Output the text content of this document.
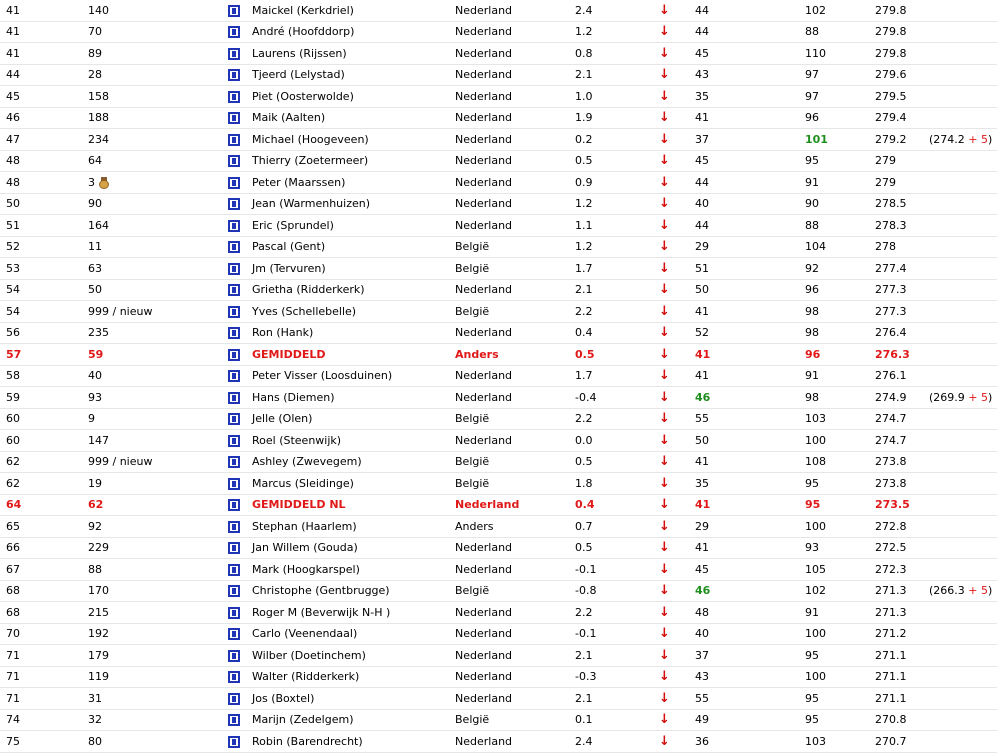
41	140		Maickel (Kerkdriel)	Nederland	2.4	↓	44	102	279.8	
41	70		André (Hoofddorp)	Nederland	1.2	↓	44	88	279.8	
41	89		Laurens (Rijssen)	Nederland	0.8	↓	45	110	279.8	
44	28		Tjeerd (Lelystad)	Nederland	2.1	↓	43	97	279.6	
45	158		Piet (Oosterwolde)	Nederland	1.0	↓	35	97	279.5	
46	188		Maik (Aalten)	Nederland	1.9	↓	41	96	279.4	
47	234		Michael (Hoogeveen)	Nederland	0.2	↓	37	101	279.2	(274.2 + 5)
48	64		Thierry (Zoetermeer)	Nederland	0.5	↓	45	95	279	
48	3		Peter (Maarssen)	Nederland	0.9	↓	44	91	279	
50	90		Jean (Warmenhuizen)	Nederland	1.2	↓	40	90	278.5	
51	164		Eric (Sprundel)	Nederland	1.1	↓	44	88	278.3	
52	11		Pascal (Gent)	België	1.2	↓	29	104	278	
53	63		Jm (Tervuren)	België	1.7	↓	51	92	277.4	
54	50		Grietha (Ridderkerk)	Nederland	2.1	↓	50	96	277.3	
54	999 / nieuw		Yves (Schellebelle)	België	2.2	↓	41	98	277.3	
56	235		Ron (Hank)	Nederland	0.4	↓	52	98	276.4	
57	59		GEMIDDELD	Anders	0.5	↓	41	96	276.3	
58	40		Peter Visser (Loosduinen)	Nederland	1.7	↓	41	91	276.1	
59	93		Hans (Diemen)	Nederland	-0.4	↓	46	98	274.9	(269.9 + 5)
60	9		Jelle (Olen)	België	2.2	↓	55	103	274.7	
60	147		Roel (Steenwijk)	Nederland	0.0	↓	50	100	274.7	
62	999 / nieuw		Ashley (Zwevegem)	België	0.5	↓	41	108	273.8	
62	19		Marcus (Sleidinge)	België	1.8	↓	35	95	273.8	
64	62		GEMIDDELD NL	Nederland	0.4	↓	41	95	273.5	
65	92		Stephan (Haarlem)	Anders	0.7	↓	29	100	272.8	
66	229		Jan Willem (Gouda)	Nederland	0.5	↓	41	93	272.5	
67	88		Mark (Hoogkarspel)	Nederland	-0.1	↓	45	105	272.3	
68	170		Christophe (Gentbrugge)	België	-0.8	↓	46	102	271.3	(266.3 + 5)
68	215		Roger M (Beverwijk N-H )	Nederland	2.2	↓	48	91	271.3	
70	192		Carlo (Veenendaal)	Nederland	-0.1	↓	40	100	271.2	
71	179		Wilber (Doetinchem)	Nederland	2.1	↓	37	95	271.1	
71	119		Walter (Ridderkerk)	Nederland	-0.3	↓	43	100	271.1	
71	31		Jos (Boxtel)	Nederland	2.1	↓	55	95	271.1	
74	32		Marijn (Zedelgem)	België	0.1	↓	49	95	270.8	
75	80		Robin (Barendrecht)	Nederland	2.4	↓	36	103	270.7	
